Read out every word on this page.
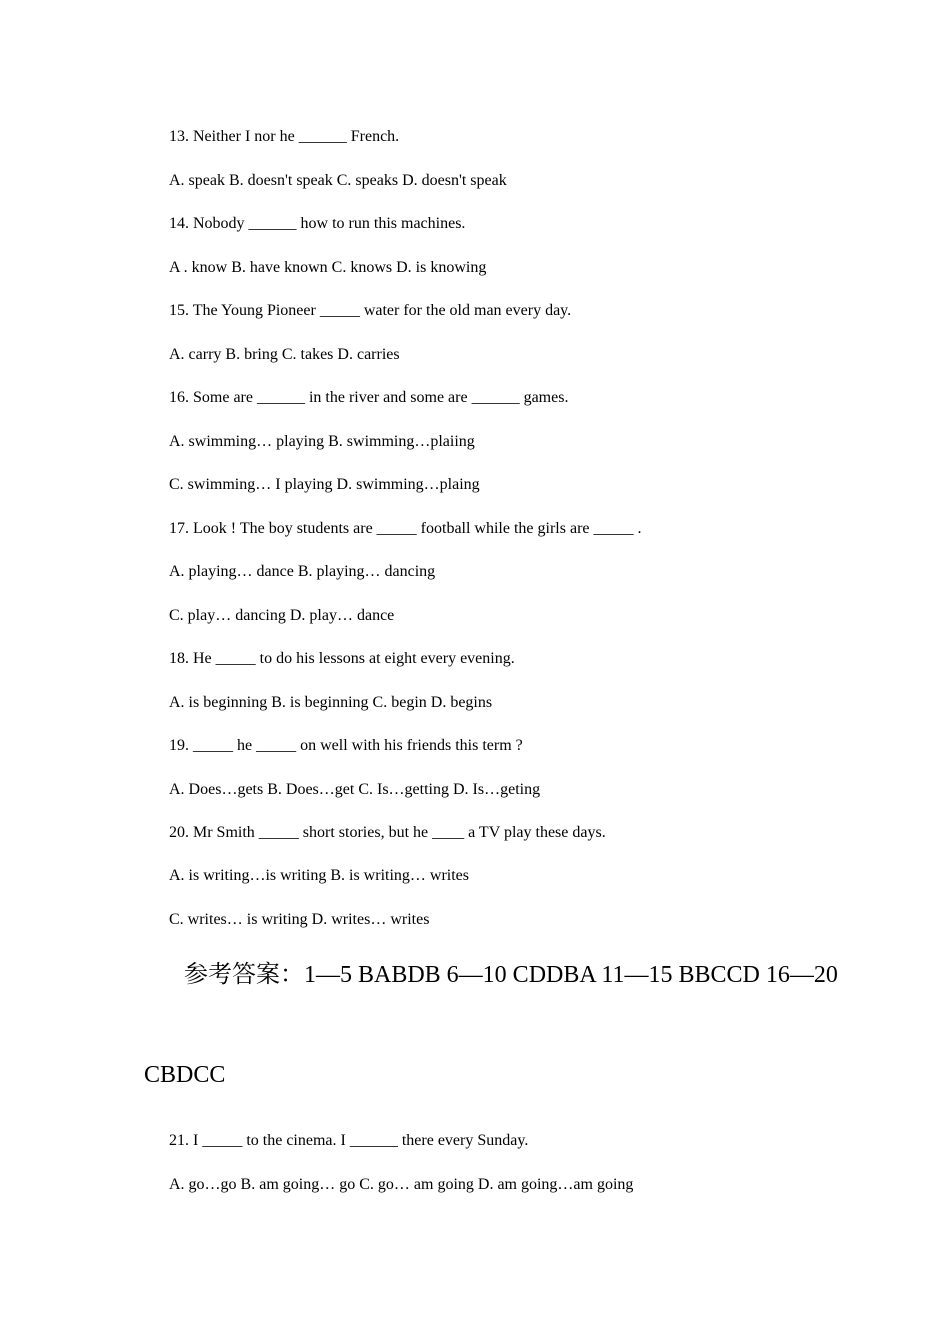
13. Neither I nor he ______ French.
A. speak B. doesn't speak C. speaks D. doesn't speak
14. Nobody ______ how to run this machines.
A . know B. have known C. knows D. is knowing
15. The Young Pioneer _____ water for the old man every day.
A. carry B. bring C. takes D. carries
16. Some are ______ in the river and some are ______ games.
A. swimming… playing B. swimming…plaiing
C. swimming… I playing D. swimming…plaing
17. Look ! The boy students are _____ football while the girls are _____ .
A. playing… dance B. playing… dancing
C. play… dancing D. play… dance
18. He _____ to do his lessons at eight every evening.
A. is beginning B. is beginning C. begin D. begins
19. _____ he _____ on well with his friends this term ?
A. Does…gets B. Does…get C. Is…getting D. Is…geting
20. Mr Smith _____ short stories, but he ____ a TV play these days.
A. is writing…is writing B. is writing… writes
C. writes… is writing D. writes… writes
参考答案：1—5 BABDB 6—10 CDDBA 11—15 BBCCD 16—20
CBDCC
21. I _____ to the cinema. I ______ there every Sunday.
A. go…go B. am going… go C. go… am going D. am going…am going
